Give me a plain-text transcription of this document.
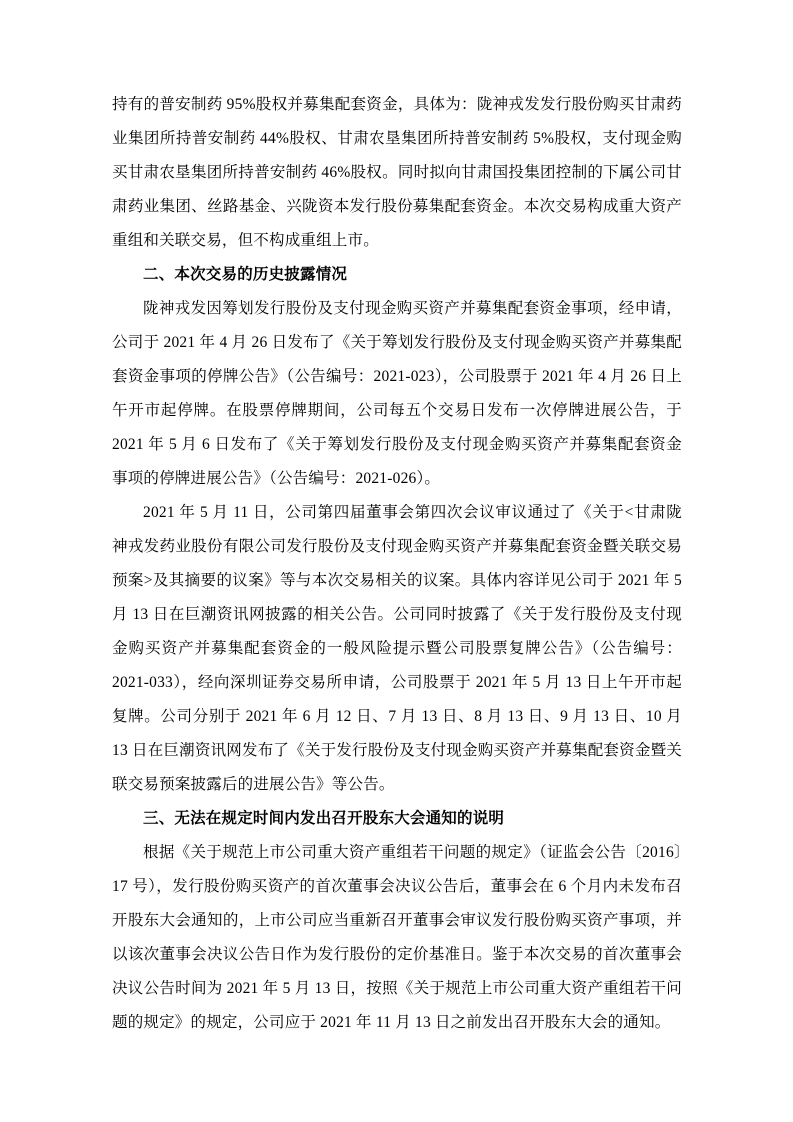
持有的普安制药 95%股权并募集配套资金，具体为：陇神戎发发行股份购买甘肃药业集团所持普安制药 44%股权、甘肃农垦集团所持普安制药 5%股权，支付现金购买甘肃农垦集团所持普安制药 46%股权。同时拟向甘肃国投集团控制的下属公司甘肃药业集团、丝路基金、兴陇资本发行股份募集配套资金。本次交易构成重大资产重组和关联交易，但不构成重组上市。

二、本次交易的历史披露情况

陇神戎发因筹划发行股份及支付现金购买资产并募集配套资金事项，经申请，公司于 2021 年 4 月 26 日发布了《关于筹划发行股份及支付现金购买资产并募集配套资金事项的停牌公告》（公告编号：2021-023），公司股票于 2021 年 4 月 26 日上午开市起停牌。在股票停牌期间，公司每五个交易日发布一次停牌进展公告，于 2021 年 5 月 6 日发布了《关于筹划发行股份及支付现金购买资产并募集配套资金事项的停牌进展公告》（公告编号：2021-026）。

2021 年 5 月 11 日，公司第四届董事会第四次会议审议通过了《关于<甘肃陇神戎发药业股份有限公司发行股份及支付现金购买资产并募集配套资金暨关联交易预案>及其摘要的议案》等与本次交易相关的议案。具体内容详见公司于 2021 年 5 月 13 日在巨潮资讯网披露的相关公告。公司同时披露了《关于发行股份及支付现金购买资产并募集配套资金的一般风险提示暨公司股票复牌公告》（公告编号：2021-033），经向深圳证券交易所申请，公司股票于 2021 年 5 月 13 日上午开市起复牌。公司分别于 2021 年 6 月 12 日、7 月 13 日、8 月 13 日、9 月 13 日、10 月 13 日在巨潮资讯网发布了《关于发行股份及支付现金购买资产并募集配套资金暨关联交易预案披露后的进展公告》等公告。

三、无法在规定时间内发出召开股东大会通知的说明

根据《关于规范上市公司重大资产重组若干问题的规定》（证监会公告〔2016〕17 号），发行股份购买资产的首次董事会决议公告后，董事会在 6 个月内未发布召开股东大会通知的，上市公司应当重新召开董事会审议发行股份购买资产事项，并以该次董事会决议公告日作为发行股份的定价基准日。鉴于本次交易的首次董事会决议公告时间为 2021 年 5 月 13 日，按照《关于规范上市公司重大资产重组若干问题的规定》的规定，公司应于 2021 年 11 月 13 日之前发出召开股东大会的通知。
